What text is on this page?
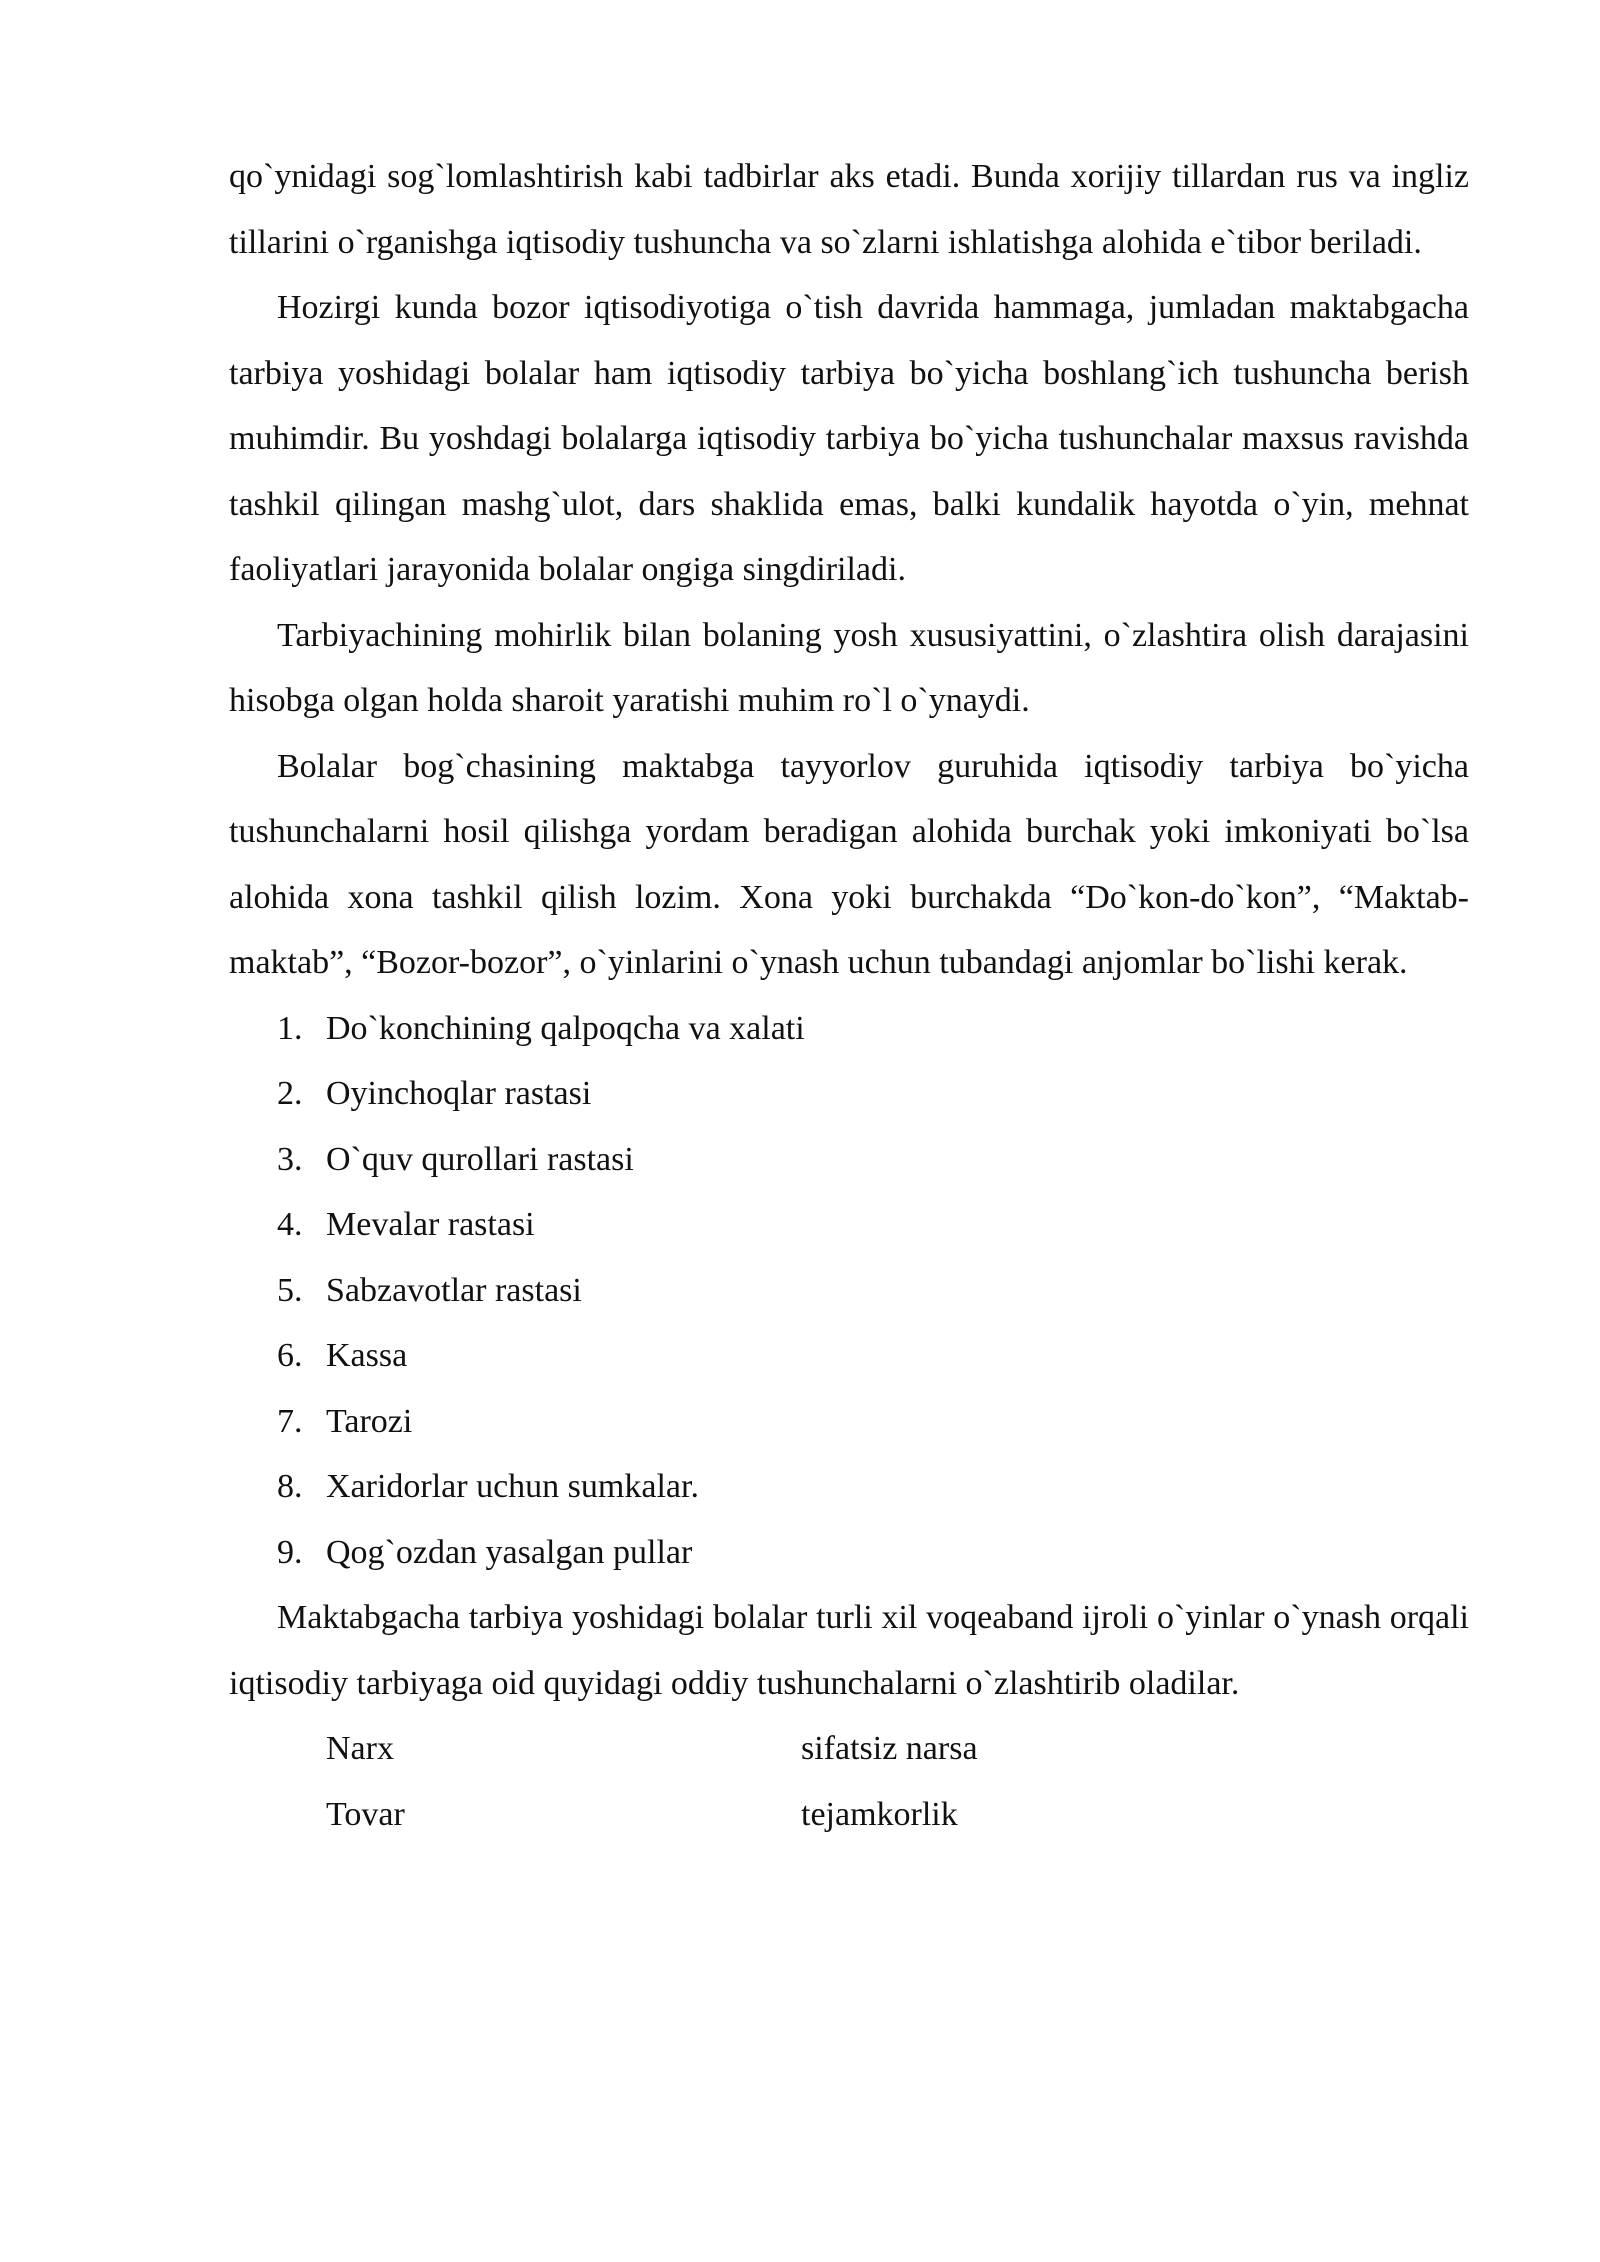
qo`ynidagi sog`lomlashtirish kabi tadbirlar aks etadi. Bunda xorijiy tillardan rus va ingliz tillarini o`rganishga iqtisodiy tushuncha va so`zlarni ishlatishga alohida e`tibor beriladi.

Hozirgi kunda bozor iqtisodiyotiga o`tish davrida hammaga, jumladan maktabgacha tarbiya yoshidagi bolalar ham iqtisodiy tarbiya bo`yicha boshlang`ich tushuncha berish muhimdir. Bu yoshdagi bolalarga iqtisodiy tarbiya bo`yicha tushunchalar maxsus ravishda tashkil qilingan mashg`ulot, dars shaklida emas, balki kundalik hayotda o`yin, mehnat faoliyatlari jarayonida bolalar ongiga singdiriladi.

Tarbiyachining mohirlik bilan bolaning yosh xususiyattini, o`zlashtira olish darajasini hisobga olgan holda sharoit yaratishi muhim ro`l o`ynaydi.

Bolalar bog`chasining maktabga tayyorlov guruhida iqtisodiy tarbiya bo`yicha tushunchalarni hosil qilishga yordam beradigan alohida burchak yoki imkoniyati bo`lsa alohida xona tashkil qilish lozim. Xona yoki burchakda “Do`kon-do`kon”, “Maktab- maktab”, “Bozor-bozor”, o`yinlarini o`ynash uchun tubandagi anjomlar bo`lishi kerak.

1. Do`konchining qalpoqcha va xalati
2. Oyinchoqlar rastasi
3. O`quv qurollari rastasi
4. Mevalar rastasi
5. Sabzavotlar rastasi
6. Kassa
7. Tarozi
8. Xaridorlar uchun sumkalar.
9. Qog`ozdan yasalgan pullar

Maktabgacha tarbiya yoshidagi bolalar turli xil voqeaband ijroli o`yinlar o`ynash orqali iqtisodiy tarbiyaga oid quyidagi oddiy tushunchalarni o`zlashtirib oladilar.

Narx	sifatsiz narsa
Tovar	tejamkorlik
